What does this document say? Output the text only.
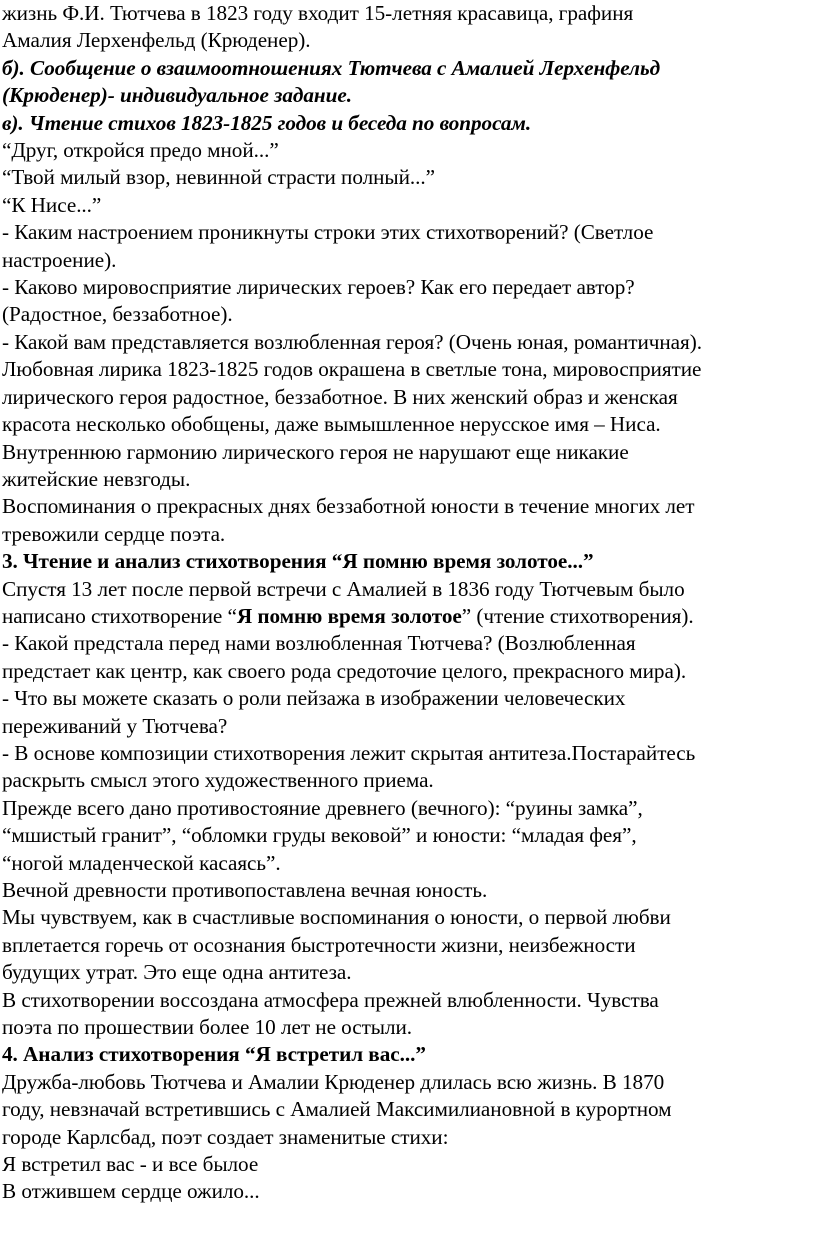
жизнь Ф.И. Тютчева в 1823 году входит 15-летняя красавица, графиня
Амалия Лерхенфельд (Крюденер).
б). Сообщение о взаимоотношениях Тютчева с Амалией Лерхенфельд
(Крюденер)- индивидуальное задание.
в). Чтение стихов 1823-1825 годов и беседа по вопросам.
“Друг, откройся предо мной...”
“Твой милый взор, невинной страсти полный...”
“К Нисе...”
- Каким настроением проникнуты строки этих стихотворений? (Светлое
настроение).
- Каково мировосприятие лирических героев? Как его передает автор?
(Радостное, беззаботное).
- Какой вам представляется возлюбленная героя? (Очень юная, романтичная).
Любовная лирика 1823-1825 годов окрашена в светлые тона, мировосприятие
лирического героя радостное, беззаботное. В них женский образ и женская
красота несколько обобщены, даже вымышленное нерусское имя – Ниса.
Внутреннюю гармонию лирического героя не нарушают еще никакие
житейские невзгоды.
Воспоминания о прекрасных днях беззаботной юности в течение многих лет
тревожили сердце поэта.
3. Чтение и анализ стихотворения “Я помню время золотое...”
Спустя 13 лет после первой встречи с Амалией в 1836 году Тютчевым было
написано стихотворение “Я помню время золотое” (чтение стихотворения).
- Какой предстала перед нами возлюбленная Тютчева? (Возлюбленная
предстает как центр, как своего рода средоточие целого, прекрасного мира).
- Что вы можете сказать о роли пейзажа в изображении человеческих
переживаний у Тютчева?
- В основе композиции стихотворения лежит скрытая антитеза.Постарайтесь
раскрыть смысл этого художественного приема.
Прежде всего дано противостояние древнего (вечного): “руины замка”,
“мшистый гранит”, “обломки груды вековой” и юности: “младая фея”,
“ногой младенческой касаясь”.
Вечной древности противопоставлена вечная юность.
Мы чувствуем, как в счастливые воспоминания о юности, о первой любви
вплетается горечь от осознания быстротечности жизни, неизбежности
будущих утрат. Это еще одна антитеза.
В стихотворении воссоздана атмосфера прежней влюбленности. Чувства
поэта по прошествии более 10 лет не остыли.
4. Анализ стихотворения “Я встретил вас...”
Дружба-любовь Тютчева и Амалии Крюденер длилась всю жизнь. В 1870
году, невзначай встретившись с Амалией Максимилиановной в курортном
городе Карлсбад, поэт создает знаменитые стихи:
Я встретил вас - и все былое
В отжившем сердце ожило...
